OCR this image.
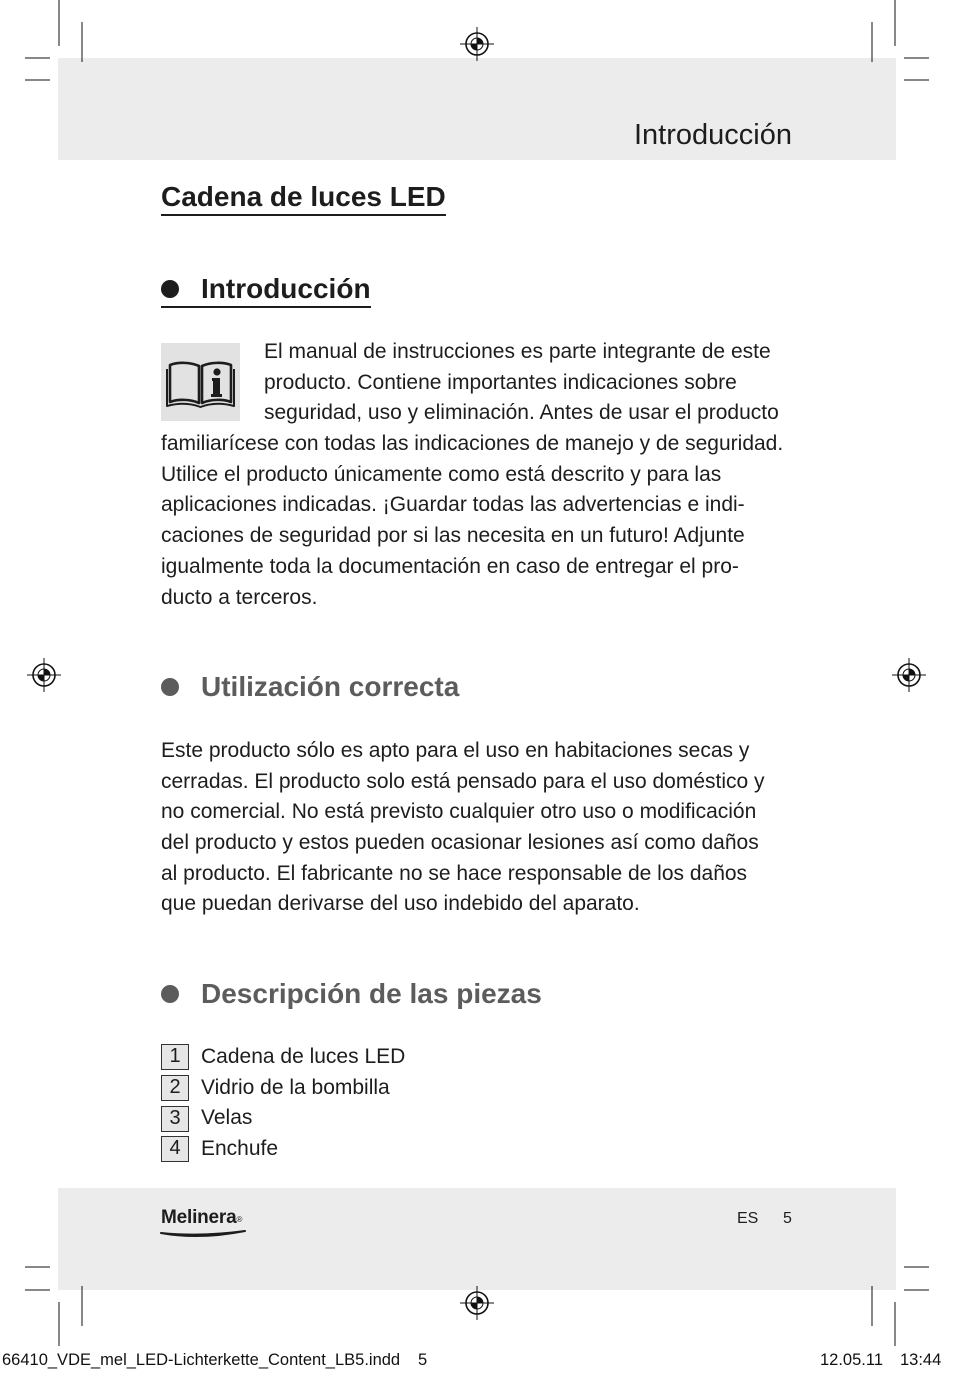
Introducción
Cadena de luces LED
Introducción
El manual de instrucciones es parte integrante de este
producto. Contiene importantes indicaciones sobre
seguridad, uso y eliminación. Antes de usar el producto
familiarícese con todas las indicaciones de manejo y de seguridad.
Utilice el producto únicamente como está descrito y para las
aplicaciones indicadas. ¡Guardar todas las advertencias e indi-
caciones de seguridad por si las necesita en un futuro! Adjunte
igualmente toda la documentación en caso de entregar el pro-
ducto a terceros.
Utilización correcta
Este producto sólo es apto para el uso en habitaciones secas y
cerradas. El producto solo está pensado para el uso doméstico y
no comercial. No está previsto cualquier otro uso o modificación
del producto y estos pueden ocasionar lesiones así como daños
al producto. El fabricante no se hace responsable de los daños
que puedan derivarse del uso indebido del aparato.
Descripción de las piezas
1 Cadena de luces LED
2 Vidrio de la bombilla
3 Velas
4 Enchufe
Melinera®	ES 5
66410_VDE_mel_LED-Lichterkette_Content_LB5.indd 5	12.05.11 13:44
